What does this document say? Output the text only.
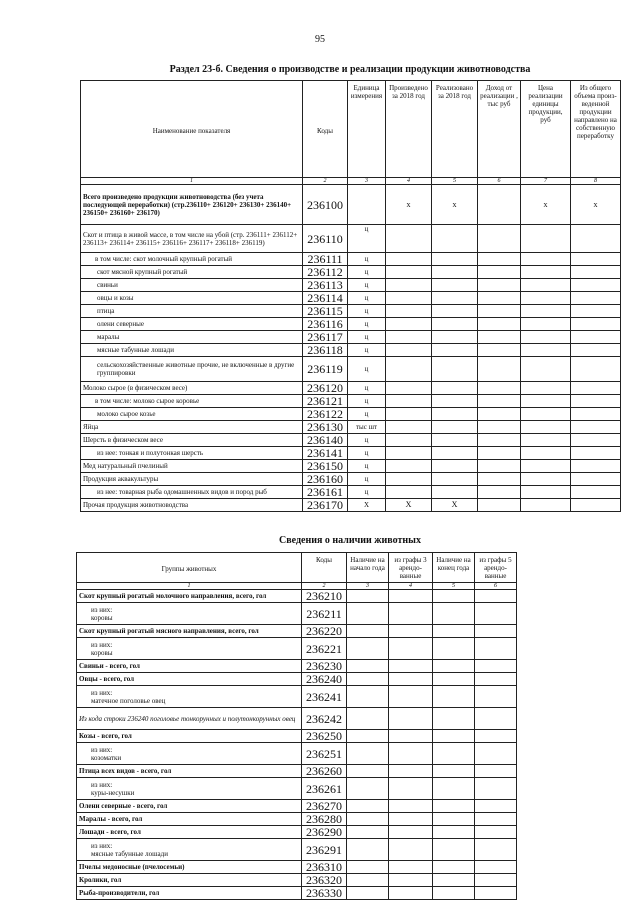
95
Раздел 23-б. Сведения о производстве и реализации продукции животноводства
Наименование показателя	Коды	Единица измерения	Произведено за 2018 год	Реализовано за 2018 год	Доход от реализации , тыс руб	Цена реализации единицы продукции, руб	Из общего объема произ-веденной продукции направлено на собственную переработку
1	2	3	4	5	6	7	8
Всего произведено продукции животноводства (без учета последующей переработки) (стр.236110+ 236120+ 236130+ 236140+ 236150+ 236160+ 236170)	236100		x	x		x	x
Скот и птица в живой массе, в том числе на убой (стр. 236111+ 236112+ 236113+ 236114+ 236115+ 236116+ 236117+ 236118+ 236119)	236110	ц					
в том числе: скот молочный крупный рогатый	236111	ц					
скот мясной крупный рогатый	236112	ц					
свиньи	236113	ц					
овцы и козы	236114	ц					
птица	236115	ц					
олени северные	236116	ц					
маралы	236117	ц					
мясные табунные лошади	236118	ц					
сельскохозяйственные животные прочие, не включенные в другие группировки	236119	ц					
Молоко сырое (в физическом весе)	236120	ц					
в том числе: молоко сырое коровье	236121	ц					
молоко сырое козье	236122	ц					
Яйца	236130	тыс шт					
Шерсть в физическом весе	236140	ц					
из нее: тонкая и полутонкая шерсть	236141	ц					
Мед натуральный пчелиный	236150	ц					
Продукция аквакультуры	236160	ц					
из нее: товарная рыба одомашненных видов и пород рыб	236161	ц					
Прочая продукция животноводства	236170	X	X	X			
Сведения о наличии животных
Группы животных	Коды	Наличие на начало года	из графы 3 арендо-ванные	Наличие на конец года	из графы 5 арендо-ванные
1	2	3	4	5	6

Скот крупный рогатый молочного направления, всего, гол	236210				

из них:
коровы	236211				

Скот крупный рогатый мясного направления, всего, гол	236220				

из них:
коровы	236221				

Свиньи - всего, гол	236230				

Овцы - всего, гол	236240				

из них:
матечное поголовье овец	236241				

Из кода строки 236240 поголовье тонкорунных и полутонкорунных овец	236242				

Козы - всего, гол	236250				

из них:
козоматки	236251				

Птица всех видов - всего, гол	236260				

из них:
куры-несушки	236261				

Олени северные - всего, гол	236270				

Маралы - всего, гол	236280				

Лошади - всего, гол	236290				

из них:
мясные табунные лошади	236291				

Пчелы медоносные (пчелосемьи)	236310				

Кролики, гол	236320				

Рыба-производители, гол	236330				
